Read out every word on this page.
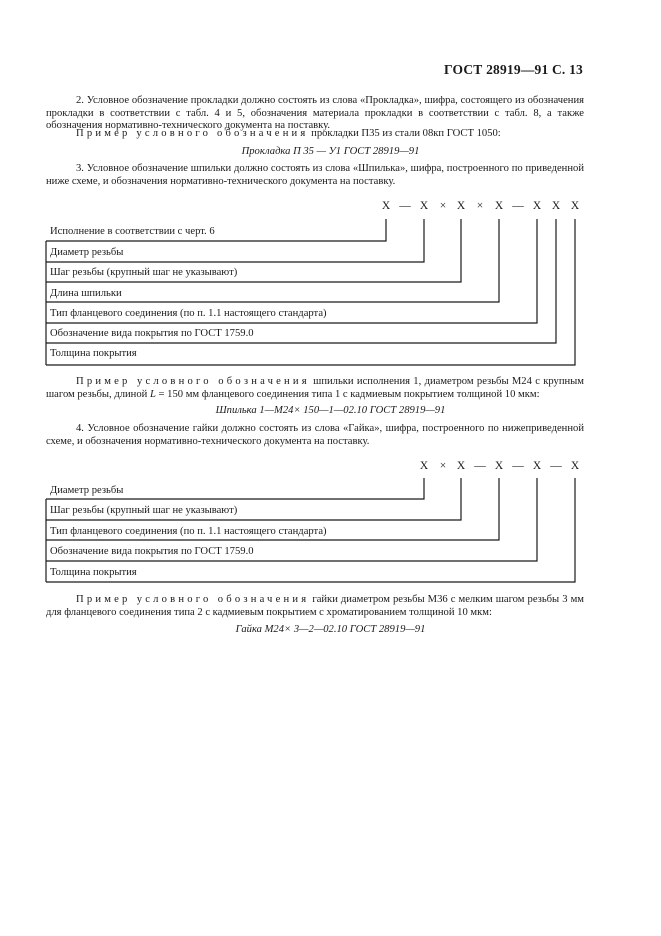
ГОСТ 28919—91 С. 13

2. Условное обозначение прокладки должно состоять из слова «Прокладка», шифра, состоящего из обозначения прокладки в соответствии с табл. 4 и 5, обозначения материала прокладки в соответствии с табл. 8, а также обозначения нормативно-технического документа на поставку.

Пример условного обозначения прокладки П35 из стали 08кп ГОСТ 1050:

Прокладка П 35 — У1 ГОСТ 28919—91

3. Условное обозначение шпильки должно состоять из слова «Шпилька», шифра, построенного по приведенной ниже схеме, и обозначения нормативно-технического документа на поставку.

X — X × X × X — X X X
Исполнение в соответствии с черт. 6
Диаметр резьбы
Шаг резьбы (крупный шаг не указывают)
Длина шпильки
Тип фланцевого соединения (по п. 1.1 настоящего стандарта)
Обозначение вида покрытия по ГОСТ 1759.0
Толщина покрытия

Пример условного обозначения шпильки исполнения 1, диаметром резьбы М24 с крупным шагом резьбы, длиной L = 150 мм фланцевого соединения типа 1 с кадмиевым покрытием толщиной 10 мкм:

Шпилька 1—М24× 150—1—02.10 ГОСТ 28919—91

4. Условное обозначение гайки должно состоять из слова «Гайка», шифра, построенного по нижеприведенной схеме, и обозначения нормативно-технического документа на поставку.

X × X — X — X — X
Диаметр резьбы
Шаг резьбы (крупный шаг не указывают)
Тип фланцевого соединения (по п. 1.1 настоящего стандарта)
Обозначение вида покрытия по ГОСТ 1759.0
Толщина покрытия

Пример условного обозначения гайки диаметром резьбы М36 с мелким шагом резьбы 3 мм для фланцевого соединения типа 2 с кадмиевым покрытием с хроматированием толщиной 10 мкм:

Гайка М24× 3—2—02.10 ГОСТ 28919—91
